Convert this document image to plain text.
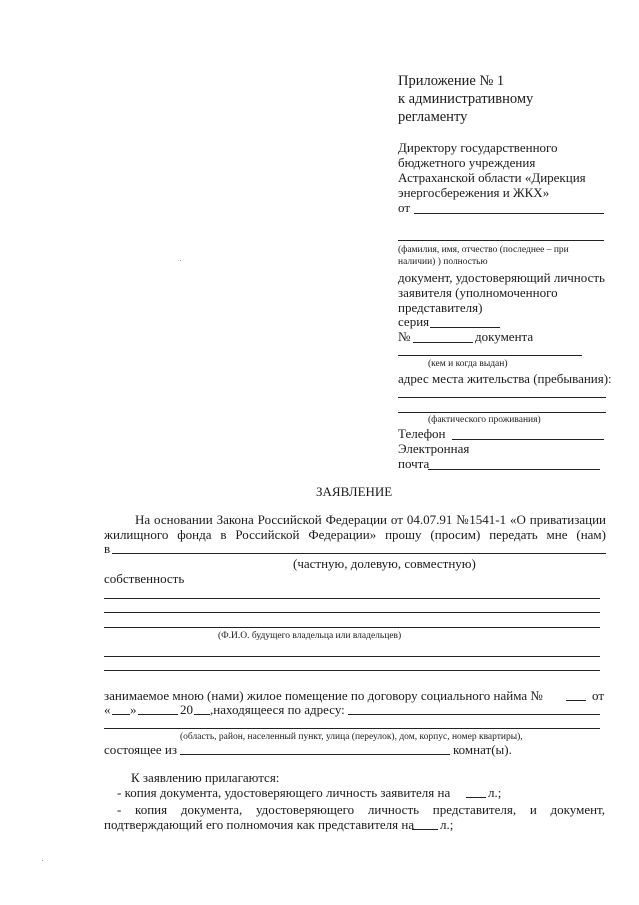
Приложение № 1
к административному
регламенту
Директору государственного
бюджетного учреждения
Астраханской области «Дирекция
энергосбережения и ЖКХ»
от
(фамилия, имя, отчество (последнее – при
наличии) ) полностью
документ, удостоверяющий личность
заявителя (уполномоченного
представителя)
серия
№	документа
(кем и когда выдан)
адрес места жительства (пребывания):
(фактического проживания)
Телефон
Электронная
почта
ЗАЯВЛЕНИЕ
На основании Закона Российской Федерации от 04.07.91 №1541-1 «О приватизации
жилищного фонда в Российской Федерации» прошу (просим) передать мне (нам)
в
(частную, долевую, совместную)
собственность
(Ф.И.О. будущего владельца или владельцев)
занимаемое мною (нами) жилое помещение по договору социального найма №	от
« »	20 ,находящееся по адресу:
(область, район, населенный пункт, улица (переулок), дом, корпус, номер квартиры),
состоящее из	комнат(ы).
К заявлению прилагаются:
- копия документа, удостоверяющего личность заявителя на	л.;
- копия документа, удостоверяющего личность представителя, и документ,
подтверждающий его полномочия как представителя на л.;
